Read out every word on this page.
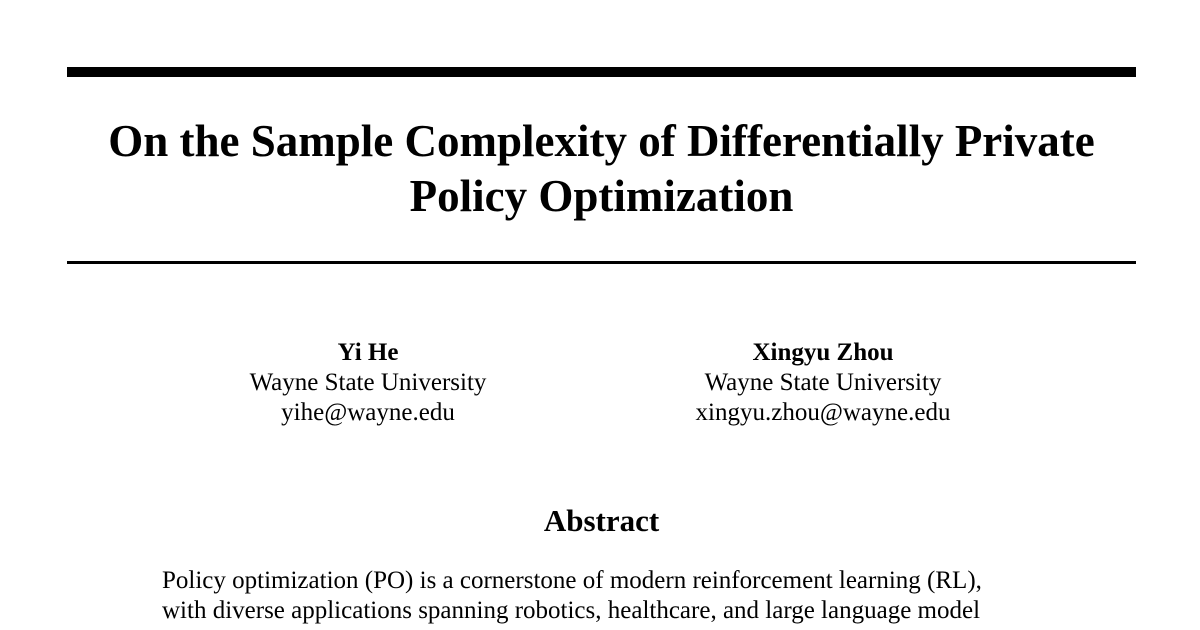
On the Sample Complexity of Differentially Private
Policy Optimization
Yi He
Wayne State University
yihe@wayne.edu
Xingyu Zhou
Wayne State University
xingyu.zhou@wayne.edu
Abstract
Policy optimization (PO) is a cornerstone of modern reinforcement learning (RL),
with diverse applications spanning robotics, healthcare, and large language model
